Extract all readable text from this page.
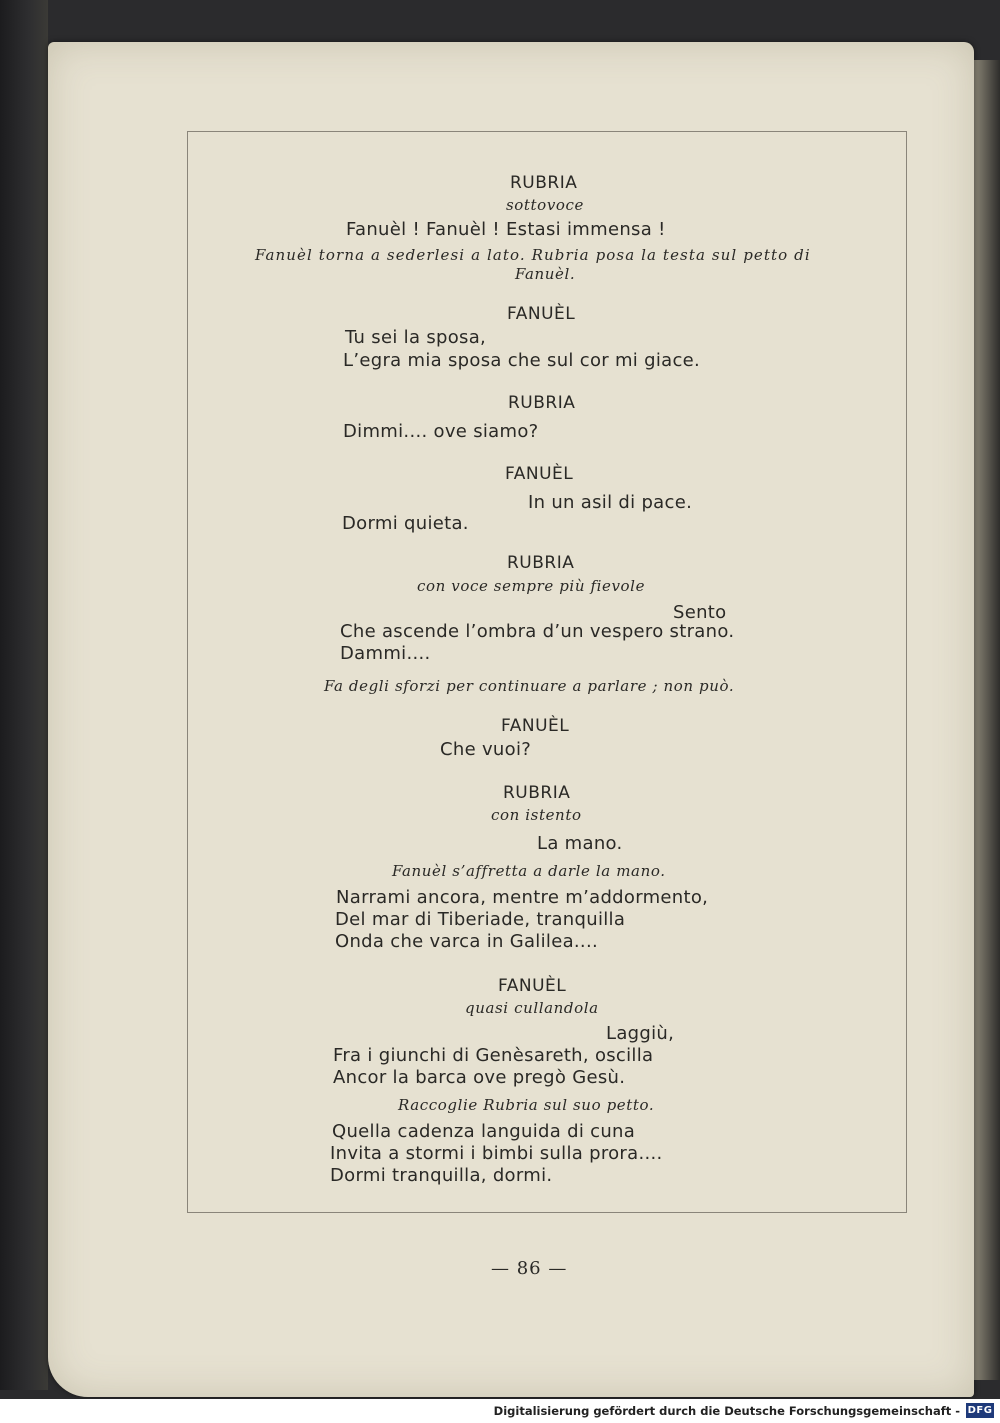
RUBRIA
sottovoce
Fanuèl ! Fanuèl ! Estasi immensa !
Fanuèl torna a sederlesi a lato. Rubria posa la testa sul petto di
Fanuèl.
FANUÈL
Tu sei la sposa,
L’egra mia sposa che sul cor mi giace.
RUBRIA
Dimmi.... ove siamo?
FANUÈL
In un asil di pace.
Dormi quieta.
RUBRIA
con voce sempre più fievole
Sento
Che ascende l’ombra d’un vespero strano.
Dammi....
Fa degli sforzi per continuare a parlare ; non può.
FANUÈL
Che vuoi?
RUBRIA
con istento
La mano.
Fanuèl s’affretta a darle la mano.
Narrami ancora, mentre m’addormento,
Del mar di Tiberiade, tranquilla
Onda che varca in Galilea....
FANUÈL
quasi cullandola
Laggiù,
Fra i giunchi di Genèsareth, oscilla
Ancor la barca ove pregò Gesù.
Raccoglie Rubria sul suo petto.
Quella cadenza languida di cuna
Invita a stormi i bimbi sulla prora....
Dormi tranquilla, dormi.
— 86 —
Digitalisierung gefördert durch die Deutsche Forschungsgemeinschaft - DFG
